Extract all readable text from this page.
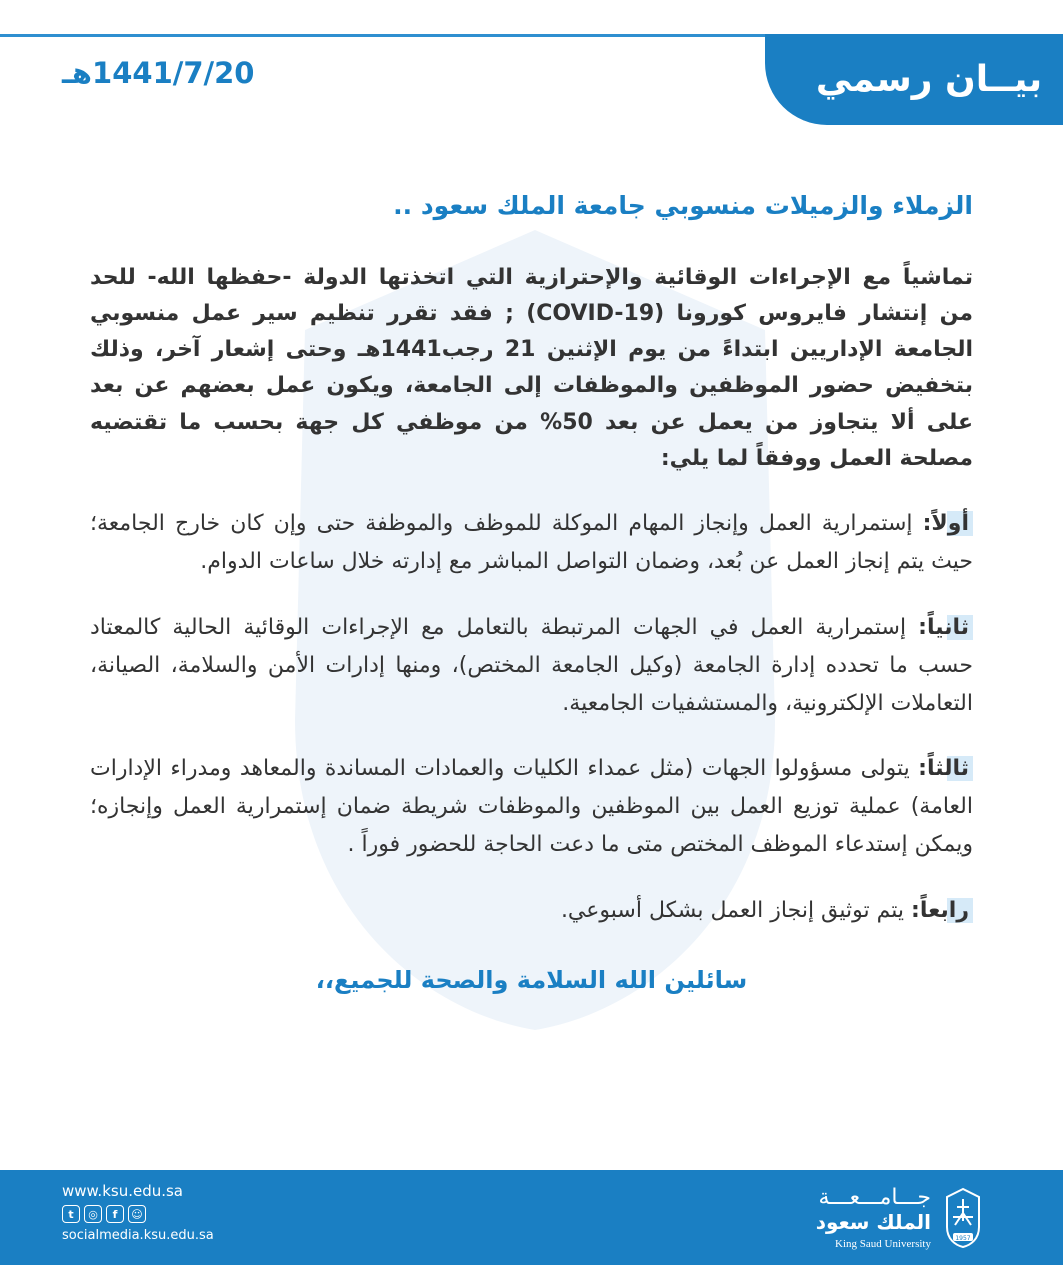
بيــان رسمي
1441/7/20هـ
الزملاء والزميلات منسوبي جامعة الملك سعود ..

تماشياً مع الإجراءات الوقائية والإحترازية التي اتخذتها الدولة -حفظها الله- للحد من إنتشار فايروس كورونا (COVID-19) ; فقد تقرر تنظيم سير عمل منسوبي الجامعة الإداريين ابتداءً من يوم الإثنين 21 رجب1441هـ وحتى إشعار آخر، وذلك بتخفيض حضور الموظفين والموظفات إلى الجامعة، ويكون عمل بعضهم عن بعد على ألا يتجاوز من يعمل عن بعد 50% من موظفي كل جهة بحسب ما تقتضيه مصلحة العمل ووفقاً لما يلي:

أولاً: إستمرارية العمل وإنجاز المهام الموكلة للموظف والموظفة حتى وإن كان خارج الجامعة؛ حيث يتم إنجاز العمل عن بُعد، وضمان التواصل المباشر مع إدارته خلال ساعات الدوام.

ثانياً: إستمرارية العمل في الجهات المرتبطة بالتعامل مع الإجراءات الوقائية الحالية كالمعتاد حسب ما تحدده إدارة الجامعة (وكيل الجامعة المختص)، ومنها إدارات الأمن والسلامة، الصيانة، التعاملات الإلكترونية، والمستشفيات الجامعية.

ثالثاً: يتولى مسؤولوا الجهات (مثل عمداء الكليات والعمادات المساندة والمعاهد ومدراء الإدارات العامة) عملية توزيع العمل بين الموظفين والموظفات شريطة ضمان إستمرارية العمل وإنجازه؛ ويمكن إستدعاء الموظف المختص متى ما دعت الحاجة للحضور فوراً .

رابعاً: يتم توثيق إنجاز العمل بشكل أسبوعي.

سائلين الله السلامة والصحة للجميع،،
www.ksu.edu.sa
t	◎	f	☺
socialmedia.ksu.edu.sa
جـــامـــعـــة
الملك سعود
King Saud University	1957
